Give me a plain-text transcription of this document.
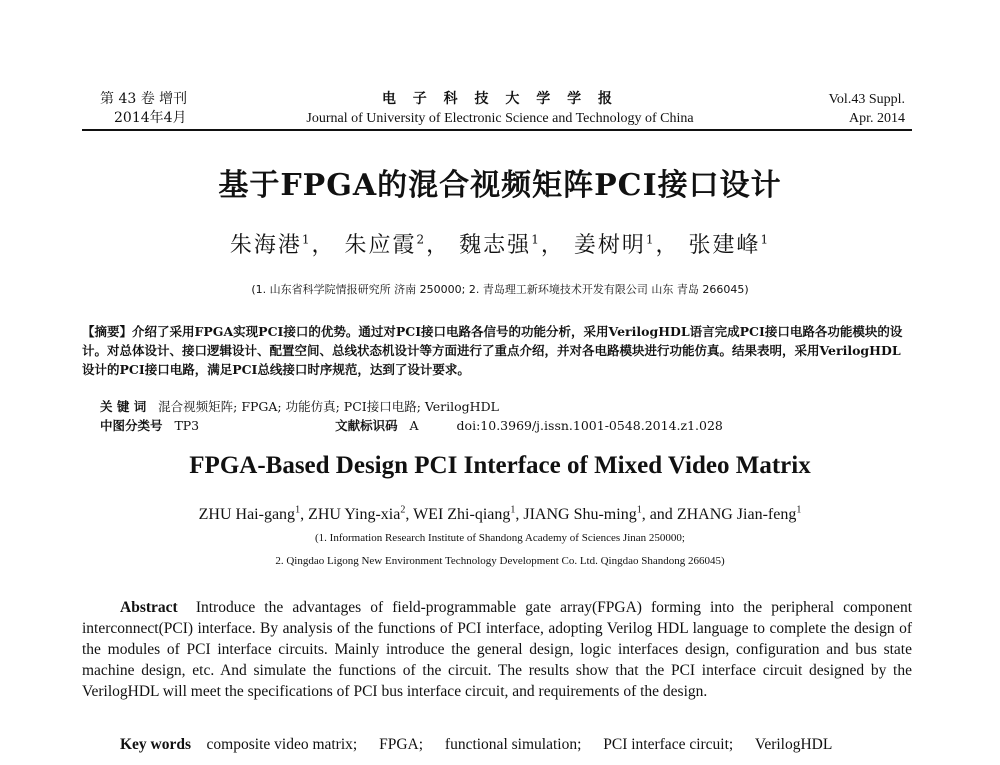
第 43 卷 增刊
2014年4月
电 子 科 技 大 学 学 报
Journal of University of Electronic Science and Technology of China
Vol.43 Suppl.
Apr. 2014
基于FPGA的混合视频矩阵PCI接口设计
朱海港$^1$， 朱应霞$^2$， 魏志强$^1$， 姜树明$^1$， 张建峰$^1$
(1. 山东省科学院情报研究所 济南 250000; 2. 青岛理工新环境技术开发有限公司 山东 青岛 266045)
【摘要】介绍了采用FPGA实现PCI接口的优势。通过对PCI接口电路各信号的功能分析，采用VerilogHDL语言完成PCI接口电路各功能模块的设计。对总体设计、接口逻辑设计、配置空间、总线状态机设计等方面进行了重点介绍，并对各电路模块进行功能仿真。结果表明，采用VerilogHDL设计的PCI接口电路，满足PCI总线接口时序规范，达到了设计要求。
关 键 词 混合视频矩阵; FPGA; 功能仿真; PCI接口电路; VerilogHDL
中图分类号 TP3	文献标识码 A	doi:10.3969/j.issn.1001-0548.2014.z1.028
FPGA-Based Design PCI Interface of Mixed Video Matrix
ZHU Hai-gang$^1$, ZHU Ying-xia$^2$, WEI Zhi-qiang$^1$, JIANG Shu-ming$^1$, and ZHANG Jian-feng$^1$
(1. Information Research Institute of Shandong Academy of Sciences Jinan 250000;
2. Qingdao Ligong New Environment Technology Development Co. Ltd. Qingdao Shandong 266045)
Abstract Introduce the advantages of field-programmable gate array(FPGA) forming into the peripheral component interconnect(PCI) interface. By analysis of the functions of PCI interface, adopting Verilog HDL language to complete the design of the modules of PCI interface circuits. Mainly introduce the general design, logic interfaces design, configuration and bus state machine design, etc. And simulate the functions of the circuit. The results show that the PCI interface circuit designed by the VerilogHDL will meet the specifications of PCI bus interface circuit, and requirements of the design.
Key words composite video matrix; FPGA; functional simulation; PCI interface circuit; VerilogHDL
